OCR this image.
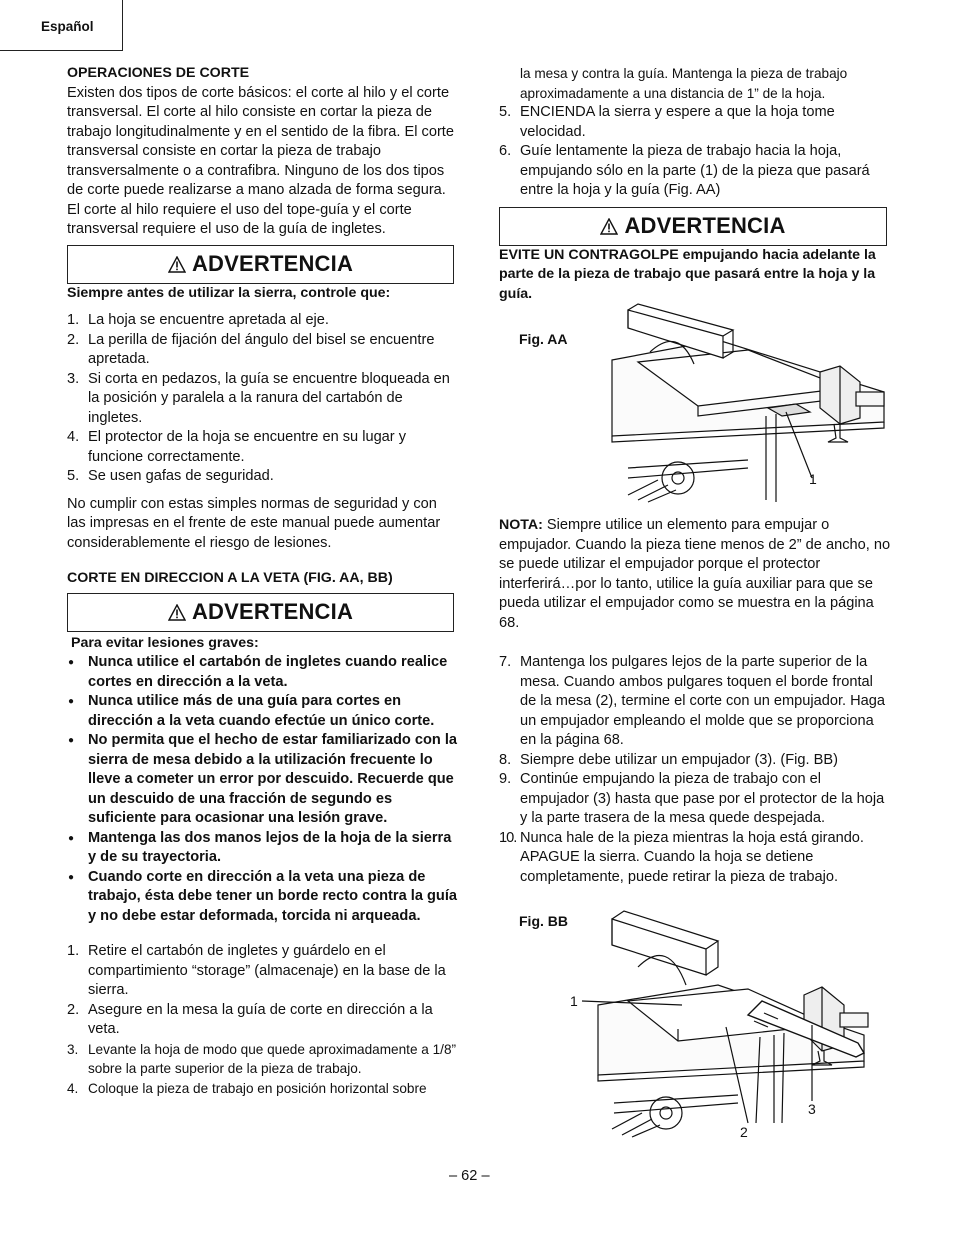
Español

OPERACIONES DE CORTE

Existen dos tipos de corte básicos: el corte al hilo y el corte transversal. El corte al hilo consiste en cortar la pieza de trabajo longitudinalmente y en el sentido de la fibra. El corte transversal consiste en cortar la pieza de trabajo transversalmente o a contrafibra. Ninguno de los dos tipos de corte puede realizarse a mano alzada de forma segura. El corte al hilo requiere el uso del tope-guía y el corte transversal requiere el uso de la guía de ingletes.

ADVERTENCIA

Siempre antes de utilizar la sierra, controle que:

1. La hoja se encuentre apretada al eje.
2. La perilla de fijación del ángulo del bisel se encuentre apretada.
3. Si corta en pedazos, la guía se encuentre bloqueada en la posición y paralela a la ranura del cartabón de ingletes.
4. El protector de la hoja se encuentre en su lugar y funcione correctamente.
5. Se usen gafas de seguridad.

No cumplir con estas simples normas de seguridad y con las impresas en el frente de este manual puede aumentar considerablemente el riesgo de lesiones.

CORTE EN DIRECCION A LA VETA (FIG. AA, BB)

ADVERTENCIA

Para evitar lesiones graves:

● Nunca utilice el cartabón de ingletes cuando realice cortes en dirección a la veta.
● Nunca utilice más de una guía para cortes en dirección a la veta cuando efectúe un único corte.
● No permita que el hecho de estar familiarizado con la sierra de mesa debido a la utilización frecuente lo lleve a cometer un error por descuido. Recuerde que un descuido de una fracción de segundo es suficiente para ocasionar una lesión grave.
● Mantenga las dos manos lejos de la hoja de la sierra y de su trayectoria.
● Cuando corte en dirección a la veta una pieza de trabajo, ésta debe tener un borde recto contra la guía y no debe estar deformada, torcida ni arqueada.
1. Retire el cartabón de ingletes y guárdelo en el compartimiento “storage” (almacenaje) en la base de la sierra.
2. Asegure en la mesa la guía de corte en dirección a la veta.
3. Levante la hoja de modo que quede aproximadamente a 1/8” sobre la parte superior de la pieza de trabajo.
4. Coloque la pieza de trabajo en posición horizontal sobre

la mesa y contra la guía. Mantenga la pieza de trabajo aproximadamente a una distancia de 1” de la hoja.

5. ENCIENDA la sierra y espere a que la hoja tome velocidad.
6. Guíe lentamente la pieza de trabajo hacia la hoja, empujando sólo en la parte (1) de la pieza que pasará entre la hoja y la guía (Fig. AA)
ADVERTENCIA

EVITE UN CONTRAGOLPE empujando hacia adelante la parte de la pieza de trabajo que pasará entre la hoja y la guía.

Fig. AA
1

NOTA: Siempre utilice un elemento para empujar o empujador. Cuando la pieza tiene menos de 2” de ancho, no se puede utilizar el empujador porque el protector interferirá…por lo tanto, utilice la guía auxiliar para que se pueda utilizar el empujador como se muestra en la página 68.

7. Mantenga los pulgares lejos de la parte superior de la mesa. Cuando ambos pulgares toquen el borde frontal de la mesa (2), termine el corte con un empujador. Haga un empujador empleando el molde que se proporciona en la página 68.
8. Siempre debe utilizar un empujador (3). (Fig. BB)
9. Continúe empujando la pieza de trabajo con el empujador (3) hasta que pase por el protector de la hoja y la parte trasera de la mesa quede despejada.
10. Nunca hale de la pieza mientras la hoja está girando. APAGUE la sierra. Cuando la hoja se detiene completamente, puede retirar la pieza de trabajo.
Fig. BB
1
2
3
– 62 –
